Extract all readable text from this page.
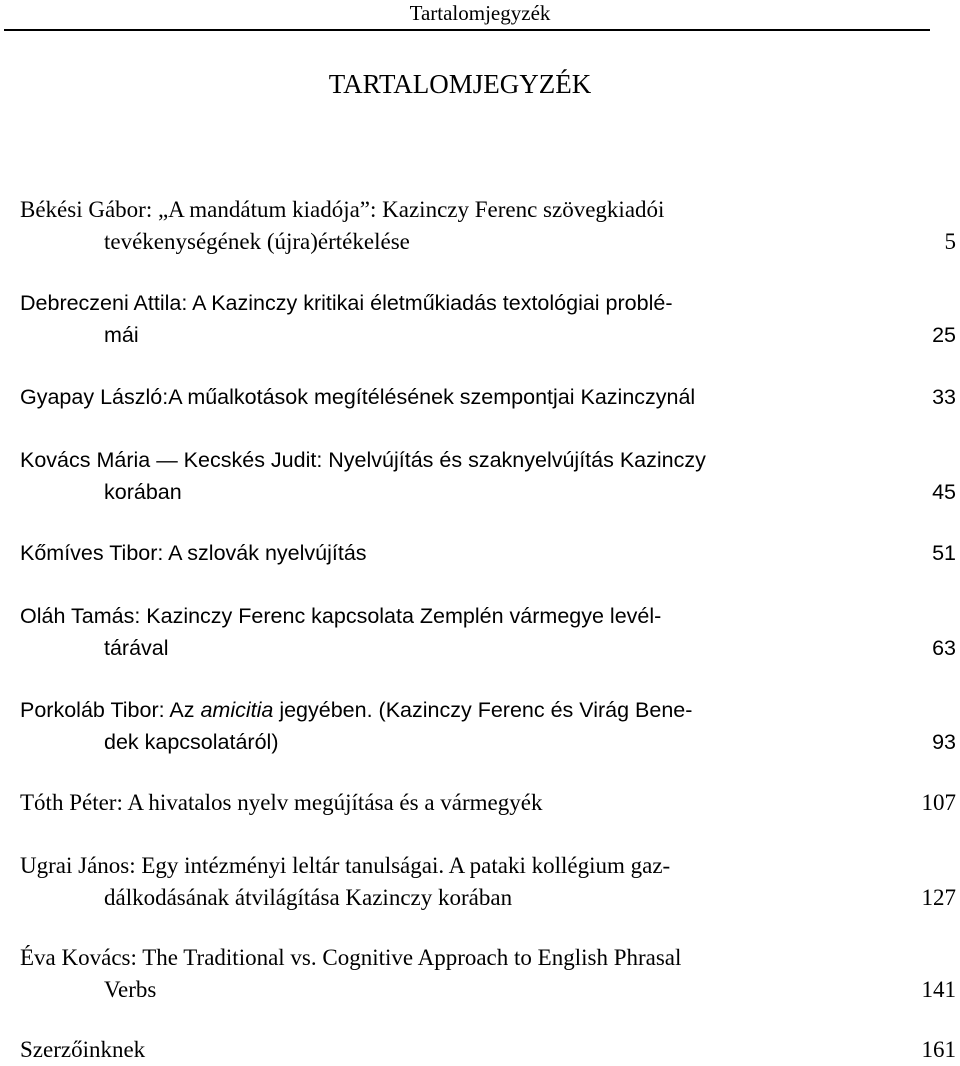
Tartalomjegyzék
TARTALOMJEGYZÉK
Békési Gábor: „A mandátum kiadója”: Kazinczy Ferenc szövegkiadói
tevékenységének (újra)értékelése	5
Debreczeni Attila: A Kazinczy kritikai életműkiadás textológiai problé-
mái	25
Gyapay László:A műalkotások megítélésének szempontjai Kazinczynál	33
Kovács Mária — Kecskés Judit: Nyelvújítás és szaknyelvújítás Kazinczy
korában	45
Kőmíves Tibor: A szlovák nyelvújítás	51
Oláh Tamás: Kazinczy Ferenc kapcsolata Zemplén vármegye levél-
tárával	63
Porkoláb Tibor: Az amicitia jegyében. (Kazinczy Ferenc és Virág Bene-
dek kapcsolatáról)	93
Tóth Péter: A hivatalos nyelv megújítása és a vármegyék	107
Ugrai János: Egy intézményi leltár tanulságai. A pataki kollégium gaz-
dálkodásának átvilágítása Kazinczy korában	127
Éva Kovács: The Traditional vs. Cognitive Approach to English Phrasal
Verbs	141
Szerzőinknek	161
